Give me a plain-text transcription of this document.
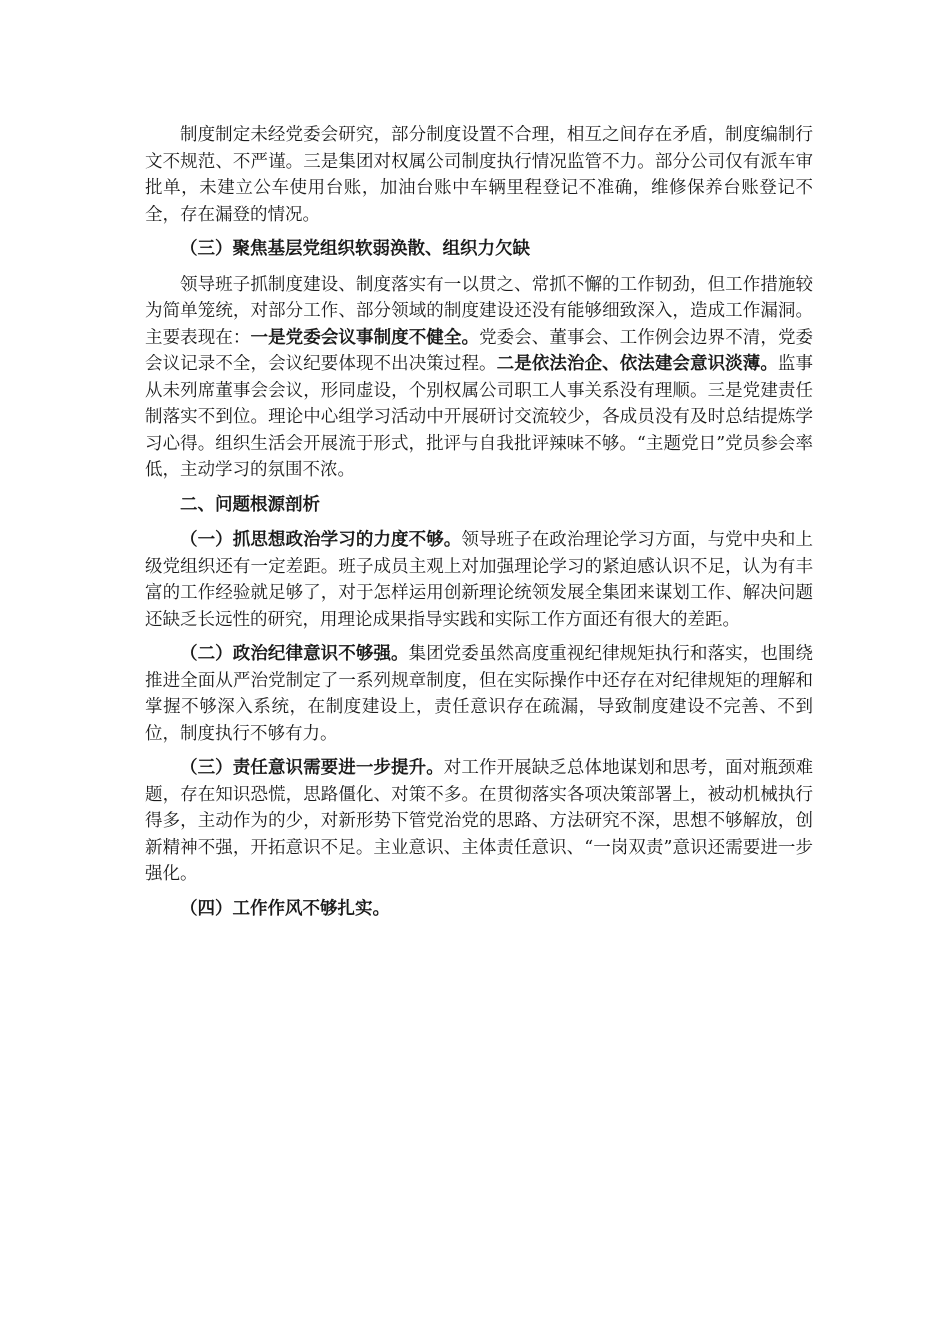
制度制定未经党委会研究，部分制度设置不合理，相互之间存在矛盾，制度编制行文不规范、不严谨。三是集团对权属公司制度执行情况监管不力。部分公司仅有派车审批单，未建立公车使用台账，加油台账中车辆里程登记不准确，维修保养台账登记不全，存在漏登的情况。

（三）聚焦基层党组织软弱涣散、组织力欠缺

领导班子抓制度建设、制度落实有一以贯之、常抓不懈的工作韧劲，但工作措施较为简单笼统，对部分工作、部分领域的制度建设还没有能够细致深入，造成工作漏洞。主要表现在：一是党委会议事制度不健全。党委会、董事会、工作例会边界不清，党委会议记录不全，会议纪要体现不出决策过程。二是依法治企、依法建会意识淡薄。监事从未列席董事会会议，形同虚设，个别权属公司职工人事关系没有理顺。三是党建责任制落实不到位。理论中心组学习活动中开展研讨交流较少，各成员没有及时总结提炼学习心得。组织生活会开展流于形式，批评与自我批评辣味不够。“主题党日”党员参会率低，主动学习的氛围不浓。

二、问题根源剖析

（一）抓思想政治学习的力度不够。领导班子在政治理论学习方面，与党中央和上级党组织还有一定差距。班子成员主观上对加强理论学习的紧迫感认识不足，认为有丰富的工作经验就足够了，对于怎样运用创新理论统领发展全集团来谋划工作、解决问题还缺乏长远性的研究，用理论成果指导实践和实际工作方面还有很大的差距。

（二）政治纪律意识不够强。集团党委虽然高度重视纪律规矩执行和落实，也围绕推进全面从严治党制定了一系列规章制度，但在实际操作中还存在对纪律规矩的理解和掌握不够深入系统，在制度建设上，责任意识存在疏漏，导致制度建设不完善、不到位，制度执行不够有力。

（三）责任意识需要进一步提升。对工作开展缺乏总体地谋划和思考，面对瓶颈难题，存在知识恐慌，思路僵化、对策不多。在贯彻落实各项决策部署上，被动机械执行得多，主动作为的少，对新形势下管党治党的思路、方法研究不深，思想不够解放，创新精神不强，开拓意识不足。主业意识、主体责任意识、“一岗双责”意识还需要进一步强化。

（四）工作作风不够扎实。
